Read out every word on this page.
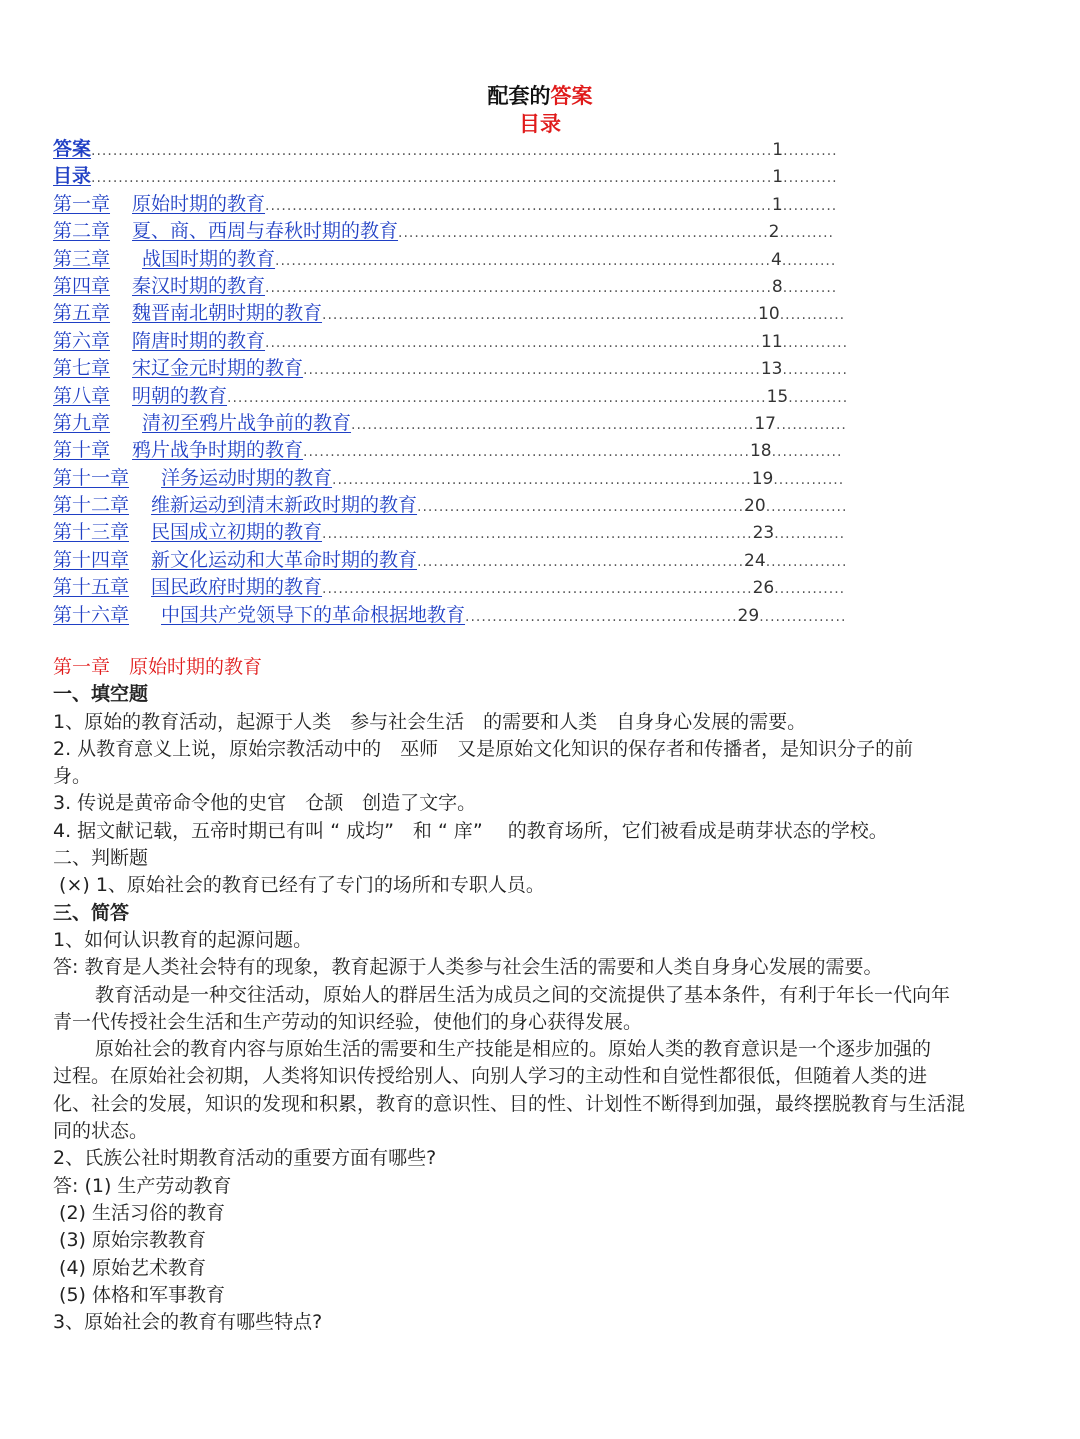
配套的答案
目录
答案.............................................................................................................................1..........
目录.............................................................................................................................1..........
第一章 原始时期的教育.............................................................................................1..........
第二章 夏、商、西周与春秋时期的教育....................................................................2..........
第三章 战国时期的教育...........................................................................................4..........
第四章 秦汉时期的教育.............................................................................................8..........
第五章 魏晋南北朝时期的教育................................................................................10............
第六章 隋唐时期的教育...........................................................................................11............
第七章 宋辽金元时期的教育....................................................................................13............
第八章 明朝的教育...................................................................................................15...........
第九章 清初至鸦片战争前的教育..........................................................................17.............
第十章 鸦片战争时期的教育..................................................................................18.............
第十一章 洋务运动时期的教育.............................................................................19.............
第十二章 维新运动到清末新政时期的教育............................................................20...............
第十三章 民国成立初期的教育...............................................................................23.............
第十四章 新文化运动和大革命时期的教育............................................................24...............
第十五章 国民政府时期的教育...............................................................................26.............
第十六章 中国共产党领导下的革命根据地教育..................................................29................
第一章　原始时期的教育
一、填空题
1、原始的教育活动，起源于人类　参与社会生活　的需要和人类　自身身心发展的需要。
2. 从教育意义上说，原始宗教活动中的　巫师　又是原始文化知识的保存者和传播者，是知识分子的前
身。
3. 传说是黄帝命令他的史官　仓颉　创造了文字。
4. 据文献记载，五帝时期已有叫 “ 成均”　和 “ 庠”　 的教育场所，它们被看成是萌芽状态的学校。
二、判断题
(×) 1、原始社会的教育已经有了专门的场所和专职人员。
三、简答
1、如何认识教育的起源问题。
答: 教育是人类社会特有的现象，教育起源于人类参与社会生活的需要和人类自身身心发展的需要。
教育活动是一种交往活动，原始人的群居生活为成员之间的交流提供了基本条件，有利于年长一代向年
青一代传授社会生活和生产劳动的知识经验，使他们的身心获得发展。
原始社会的教育内容与原始生活的需要和生产技能是相应的。原始人类的教育意识是一个逐步加强的
过程。在原始社会初期，人类将知识传授给别人、向别人学习的主动性和自觉性都很低，但随着人类的进
化、社会的发展，知识的发现和积累，教育的意识性、目的性、计划性不断得到加强，最终摆脱教育与生活混
同的状态。
2、氏族公社时期教育活动的重要方面有哪些?
答: (1) 生产劳动教育
(2) 生活习俗的教育
(3) 原始宗教教育
(4) 原始艺术教育
(5) 体格和军事教育
3、原始社会的教育有哪些特点?
